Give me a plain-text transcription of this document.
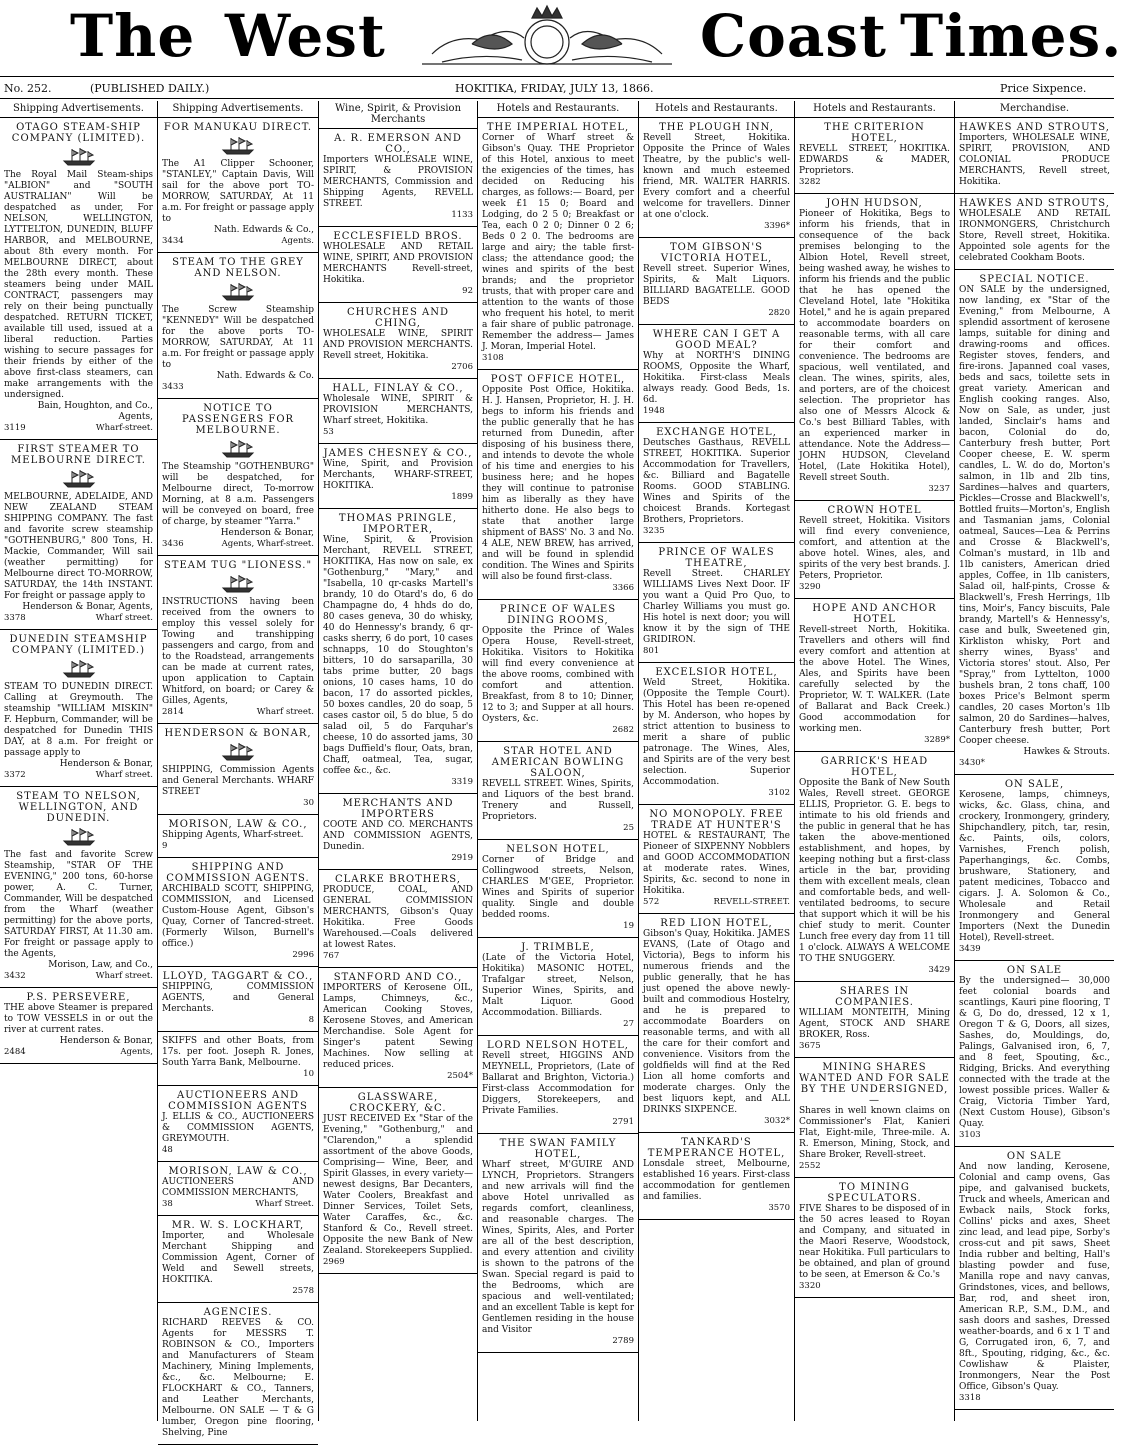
The West	Coast Times.
No. 252.	(PUBLISHED DAILY.)	HOKITIKA, FRIDAY, JULY 13, 1866.	Price Sixpence.
Shipping Advertisements.
OTAGO STEAM-SHIP COMPANY (LIMITED).
The Royal Mail Steam-ships "ALBION" and "SOUTH AUSTRALIAN" Will be despatched as under, For NELSON, WELLINGTON, LYTTELTON, DUNEDIN, BLUFF HARBOR, and MELBOURNE, about 8th every month. For MELBOURNE DIRECT, about the 28th every month. These steamers being under MAIL CONTRACT, passengers may rely on their being punctually despatched. RETURN TICKET, available till used, issued at a liberal reduction. Parties wishing to secure passages for their friends by either of the above first-class steamers, can make arrangements with the undersigned.
Bain, Houghton, and Co., Agents,
3119	Wharf-street.
FIRST STEAMER TO MELBOURNE DIRECT.
MELBOURNE, ADELAIDE, AND NEW ZEALAND STEAM SHIPPING COMPANY. The fast and favorite screw steamship "GOTHENBURG," 800 Tons, H. Mackie, Commander, Will sail (weather permitting) for Melbourne direct TO-MORROW, SATURDAY, the 14th INSTANT. For freight or passage apply to
Henderson & Bonar, Agents,
3378	Wharf street.
DUNEDIN STEAMSHIP COMPANY (LIMITED.)
STEAM TO DUNEDIN DIRECT. Calling at Greymouth. The steamship "WILLIAM MISKIN" F. Hepburn, Commander, will be despatched for Dunedin THIS DAY, at 8 a.m. For freight or passage apply to
Henderson & Bonar,
3372	Wharf street.
STEAM TO NELSON, WELLINGTON, AND DUNEDIN.
The fast and favorite Screw Steamship, "STAR OF THE EVENING," 200 tons, 60-horse power, A. C. Turner, Commander, Will be despatched from the Wharf (weather permitting) for the above ports, SATURDAY FIRST, At 11.30 am. For freight or passage apply to the Agents,
Morison, Law, and Co.,
3432	Wharf street.
P.S. PERSEVERE,
THE above Steamer is prepared to TOW VESSELS in or out the river at current rates.
Henderson & Bonar,
2484	Agents,
Shipping Advertisements.
FOR MANUKAU DIRECT.
The A1 Clipper Schooner, "STANLEY," Captain Davis, Will sail for the above port TO-MORROW, SATURDAY, At 11 a.m. For freight or passage apply to
Nath. Edwards & Co.,
3434	Agents.
STEAM TO THE GREY AND NELSON.
The Screw Steamship "KENNEDY" Will be despatched for the above ports TO-MORROW, SATURDAY, At 11 a.m. For freight or passage apply to
Nath. Edwards & Co.
3433
NOTICE TO PASSENGERS FOR MELBOURNE.
The Steamship "GOTHENBURG" will be despatched, for Melbourne direct, To-morrow Morning, at 8 a.m. Passengers will be conveyed on board, free of charge, by steamer "Yarra."
Henderson & Bonar,
3436	Agents, Wharf-street.
STEAM TUG "LIONESS."
INSTRUCTIONS having been received from the owners to employ this vessel solely for Towing and transhipping passengers and cargo, from and to the Roadstead, arrangements can be made at current rates, upon application to Captain Whitford, on board; or Carey & Gilles, Agents,
2814	Wharf street.
HENDERSON & BONAR,
SHIPPING, Commission Agents and General Merchants. WHARF STREET
30
MORISON, LAW & CO.,
Shipping Agents, Wharf-street.
9
SHIPPING AND COMMISSION AGENTS.
ARCHIBALD SCOTT, SHIPPING, COMMISSION, and Licensed Custom-House Agent, Gibson's Quay, Corner of Tancred-street. (Formerly Wilson, Burnell's office.)
2996
LLOYD, TAGGART & CO.,
SHIPPING, COMMISSION AGENTS, and General Merchants.
8
SKIFFS and other Boats, from 17s. per foot. Joseph R. Jones, South Yarra Bank, Melbourne.
10
AUCTIONEERS AND COMMISSION AGENTS
J. ELLIS & CO., AUCTIONEERS & COMMISSION AGENTS, GREYMOUTH.
48
MORISON, LAW & CO.,
AUCTIONEERS AND COMMISSION MERCHANTS,
38	Wharf Street.
MR. W. S. LOCKHART,
Importer, and Wholesale Merchant Shipping and Commission Agent, Corner of Weld and Sewell streets, HOKITIKA.
2578
AGENCIES.
RICHARD REEVES & CO. Agents for MESSRS T. ROBINSON & CO., Importers and Manufacturers of Steam Machinery, Mining Implements, &c., &c. Melbourne; E. FLOCKHART & CO., Tanners, and Leather Merchants, Melbourne. ON SALE — T & G lumber, Oregon pine flooring, Shelving, Pine
Wine, Spirit, & Provision Merchants
A. R. EMERSON AND CO.,
Importers WHOLESALE WINE, SPIRIT, & PROVISION MERCHANTS, Commission and Shipping Agents, REVELL STREET.
1133
ECCLESFIELD BROS.
WHOLESALE AND RETAIL WINE, SPIRIT, AND PROVISION MERCHANTS Revell-street, Hokitika.
92
CHURCHES AND CHING,
WHOLESALE WINE, SPIRIT AND PROVISION MERCHANTS. Revell street, Hokitika.
2706
HALL, FINLAY & CO.,
Wholesale WINE, SPIRIT & PROVISION MERCHANTS, Wharf street, Hokitika.
53
JAMES CHESNEY & CO.,
Wine, Spirit, and Provision Merchants, WHARF-STREET, HOKITIKA.
1899
THOMAS PRINGLE, IMPORTER,
Wine, Spirit, & Provision Merchant, REVELL STREET, HOKITIKA, Has now on sale, ex "Gothenburg," "Mary," and "Isabella, 10 qr-casks Martell's brandy, 10 do Otard's do, 6 do Champagne do, 4 hhds do do, 80 cases geneva, 30 do whisky, 40 do Hennessy's brandy, 6 qr-casks sherry, 6 do port, 10 cases schnapps, 10 do Stoughton's bitters, 10 do sarsaparilla, 30 tabs prime butter, 20 bags onions, 10 cases hams, 10 do bacon, 17 do assorted pickles, 50 boxes candles, 20 do soap, 5 cases castor oil, 5 do blue, 5 do salad oil, 5 do Farquhar's cheese, 10 do assorted jams, 30 bags Duffield's flour, Oats, bran, Chaff, oatmeal, Tea, sugar, coffee &c., &c.
3319
MERCHANTS AND IMPORTERS
COOTE AND CO. MERCHANTS AND COMMISSION AGENTS, Dunedin.
2919
CLARKE BROTHERS,
PRODUCE, COAL, AND GENERAL COMMISSION MERCHANTS, Gibson's Quay Hokitika. Free Goods Warehoused.—Coals delivered at lowest Rates.
767
STANFORD AND CO.,
IMPORTERS of Kerosene OIL, Lamps, Chimneys, &c., American Cooking Stoves, Kerosene Stoves, and American Merchandise. Sole Agent for Singer's patent Sewing Machines. Now selling at reduced prices.
2504*
GLASSWARE, CROCKERY, &C.
JUST RECEIVED Ex "Star of the Evening," "Gothenburg," and "Clarendon," a splendid assortment of the above Goods, Comprising— Wine, Beer, and Spirit Glasses, in every variety—newest designs, Bar Decanters, Water Coolers, Breakfast and Dinner Services, Toilet Sets, Water Caraffes, &c., &c. Stanford & Co., Revell street. Opposite the new Bank of New Zealand. Storekeepers Supplied.
2969
Hotels and Restaurants.
THE IMPERIAL HOTEL,
Corner of Wharf street & Gibson's Quay. THE Proprietor of this Hotel, anxious to meet the exigencies of the times, has decided on Reducing his charges, as follows:— Board, per week £1 15 0; Board and Lodging, do 2 5 0; Breakfast or Tea, each 0 2 0; Dinner 0 2 6; Beds 0 2 0. The bedrooms are large and airy; the table first-class; the attendance good; the wines and spirits of the best brands; and the proprietor trusts, that with proper care and attention to the wants of those who frequent his hotel, to merit a fair share of public patronage. Remember the address— James J. Moran, Imperial Hotel.
3108
POST OFFICE HOTEL,
Opposite Post Office, Hokitika. H. J. Hansen, Proprietor, H. J. H. begs to inform his friends and the public generally that he has returned from Dunedin, after disposing of his business there, and intends to devote the whole of his time and energies to his business here; and he hopes they will continue to patronise him as liberally as they have hitherto done. He also begs to state that another large shipment of BASS' No. 3 and No. 4 ALE, NEW BREW, has arrived, and will be found in splendid condition. The Wines and Spirits will also be found first-class.
3366
PRINCE OF WALES DINING ROOMS,
Opposite the Prince of Wales Opera House, Revell-street, Hokitika. Visitors to Hokitika will find every convenience at the above rooms, combined with comfort and attention. Breakfast, from 8 to 10; Dinner, 12 to 3; and Supper at all hours. Oysters, &c.
2682
STAR HOTEL AND AMERICAN BOWLING SALOON,
REVELL STREET. Wines, Spirits, and Liquors of the best brand. Trenery and Russell, Proprietors.
25
NELSON HOTEL,
Corner of Bridge and Collingwood streets, Nelson, CHARLES M'GEE, Proprietor. Wines and Spirits of superior quality. Single and double bedded rooms.
19
J. TRIMBLE,
(Late of the Victoria Hotel, Hokitika) MASONIC HOTEL, Trafalgar street, Nelson, Superior Wines, Spirits, and Malt Liquor. Good Accommodation. Billiards.
27
LORD NELSON HOTEL,
Revell street, HIGGINS AND MEYNELL, Proprietors, (Late of Ballarat and Brighton, Victoria.) First-class Accommodation for Diggers, Storekeepers, and Private Families.
2791
THE SWAN FAMILY HOTEL,
Wharf street, M'GUIRE AND LYNCH, Proprietors. Strangers and new arrivals will find the above Hotel unrivalled as regards comfort, cleanliness, and reasonable charges. The Wines, Spirits, Ales, and Porter are all of the best description, and every attention and civility is shown to the patrons of the Swan. Special regard is paid to the Bedrooms, which are spacious and well-ventilated; and an excellent Table is kept for Gentlemen residing in the house and Visitor
2789
Hotels and Restaurants.
THE PLOUGH INN,
Revell Street, Hokitika. Opposite the Prince of Wales Theatre, by the public's well-known and much esteemed friend, MR. WALTER HARRIS. Every comfort and a cheerful welcome for travellers. Dinner at one o'clock.
3396*
TOM GIBSON'S VICTORIA HOTEL,
Revell street. Superior Wines, Spirits, & Malt Liquors. BILLIARD BAGATELLE. GOOD BEDS
2820
WHERE CAN I GET A GOOD MEAL?
Why at NORTH'S DINING ROOMS, Opposite the Wharf, Hokitika. First-class Meals always ready. Good Beds, 1s. 6d.
1948
EXCHANGE HOTEL,
Deutsches Gasthaus, REVELL STREET, HOKITIKA. Superior Accommodation for Travellers, &c. Billiard and Bagatelle Rooms. GOOD STABLING. Wines and Spirits of the choicest Brands. Kortegast Brothers, Proprietors.
3235
PRINCE OF WALES THEATRE,
Revell Street. CHARLEY WILLIAMS Lives Next Door. IF you want a Quid Pro Quo, to Charley Williams you must go. His hotel is next door; you will know it by the sign of THE GRIDIRON.
801
EXCELSIOR HOTEL,
Weld Street, Hokitika. (Opposite the Temple Court). This Hotel has been re-opened by M. Anderson, who hopes by strict attention to business to merit a share of public patronage. The Wines, Ales, and Spirits are of the very best selection. Superior Accommodation.
3102
NO MONOPOLY. FREE TRADE AT HUNTER'S
HOTEL & RESTAURANT, The Pioneer of SIXPENNY Nobblers and GOOD ACCOMMODATION at moderate rates. Wines, Spirits, &c. second to none in Hokitika.
572	REVELL-STREET.
RED LION HOTEL,
Gibson's Quay, Hokitika. JAMES EVANS, (Late of Otago and Victoria), Begs to inform his numerous friends and the public generally, that he has just opened the above newly-built and commodious Hostelry, and he is prepared to accommodate Boarders on reasonable terms, and with all the care for their comfort and convenience. Visitors from the goldfields will find at the Red Lion all home comforts and moderate charges. Only the best liquors kept, and ALL DRINKS SIXPENCE.
3032*
TANKARD'S TEMPERANCE HOTEL,
Lonsdale street, Melbourne, established 16 years. First-class accommodation for gentlemen and families.
3570
Hotels and Restaurants.
THE CRITERION HOTEL,
REVELL STREET, HOKITIKA. EDWARDS & MADER, Proprietors.
3282
JOHN HUDSON,
Pioneer of Hokitika, Begs to inform his friends, that in consequence of the back premises belonging to the Albion Hotel, Revell street, being washed away, he wishes to inform his friends and the public that he has opened the Cleveland Hotel, late "Hokitika Hotel," and he is again prepared to accommodate boarders on reasonable terms, with all care for their comfort and convenience. The bedrooms are spacious, well ventilated, and clean. The wines, spirits, ales, and porters, are of the choicest selection. The proprietor has also one of Messrs Alcock & Co.'s best Billiard Tables, with an experienced marker in attendance. Note the Address— JOHN HUDSON, Cleveland Hotel, (Late Hokitika Hotel), Revell street South.
3237
CROWN HOTEL
Revell street, Hokitika. Visitors will find every convenience, comfort, and attention at the above hotel. Wines, ales, and spirits of the very best brands. J. Peters, Proprietor.
3290
HOPE AND ANCHOR HOTEL
Revell-street North, Hokitika. Travellers and others will find every comfort and attention at the above Hotel. The Wines, Ales, and Spirits have been carefully selected by the Proprietor, W. T. WALKER. (Late of Ballarat and Back Creek.) Good accommodation for working men.
3289*
GARRICK'S HEAD HOTEL,
Opposite the Bank of New South Wales, Revell street. GEORGE ELLIS, Proprietor. G. E. begs to intimate to his old friends and the public in general that he has taken the above-mentioned establishment, and hopes, by keeping nothing but a first-class article in the bar, providing them with excellent meals, clean and comfortable beds, and well-ventilated bedrooms, to secure that support which it will be his chief study to merit. Counter Lunch free every day from 11 till 1 o'clock. ALWAYS A WELCOME TO THE SNUGGERY.
3429
SHARES IN COMPANIES.
WILLIAM MONTEITH, Mining Agent, STOCK AND SHARE BROKER, Ross.
3675
MINING SHARES WANTED AND FOR SALE BY THE UNDERSIGNED,—
Shares in well known claims on Commissioner's Flat, Kanieri Flat, Eight-mile, Three-mile. A. R. Emerson, Mining, Stock, and Share Broker, Revell-street.
2552
TO MINING SPECULATORS.
FIVE Shares to be disposed of in the 50 acres leased to Royan and Company, and situated in the Maori Reserve, Woodstock, near Hokitika. Full particulars to be obtained, and plan of ground to be seen, at Emerson & Co.'s
3320
Merchandise.
HAWKES AND STROUTS,
Importers, WHOLESALE WINE, SPIRIT, PROVISION, AND COLONIAL PRODUCE MERCHANTS, Revell street, Hokitika.
HAWKES AND STROUTS,
WHOLESALE AND RETAIL IRONMONGERS, Christchurch Store, Revell street, Hokitika. Appointed sole agents for the celebrated Cookham Boots.
SPECIAL NOTICE.
ON SALE by the undersigned, now landing, ex "Star of the Evening," from Melbourne, A splendid assortment of kerosene lamps, suitable for dining and drawing-rooms and offices. Register stoves, fenders, and fire-irons. Japanned coal vases, beds and sacs, toilette sets in great variety. American and English cooking ranges. Also, Now on Sale, as under, just landed, Sinclair's hams and bacon, Colonial do do, Canterbury fresh butter, Port Cooper cheese, E. W. sperm candles, L. W. do do, Morton's salmon, in 1lb and 2lb tins, Sardines—halves and quarters, Pickles—Crosse and Blackwell's, Bottled fruits—Morton's, English and Tasmanian jams, Colonial oatmeal, Sauces—Lea & Perrins and Crosse & Blackwell's, Colman's mustard, in 1lb and 1lb canisters, American dried apples, Coffee, in 1lb canisters, Salad oil, half-pints, Crosse & Blackwell's, Fresh Herrings, 1lb tins, Moir's, Fancy biscuits, Pale brandy, Martell's & Hennessy's, case and bulk, Sweetened gin, Kirkliston whisky, Port and sherry wines, Byass' and Victoria stores' stout. Also, Per "Spray," from Lyttelton, 1000 bushels bran, 2 tons chaff, 100 boxes Price's Belmont sperm candles, 20 cases Morton's 1lb salmon, 20 do Sardines—halves, Canterbury fresh butter, Port Cooper cheese.
Hawkes & Strouts.
3430*
ON SALE,
Kerosene, lamps, chimneys, wicks, &c. Glass, china, and crockery, Ironmongery, grindery, Shipchandlery, pitch, tar, resin, &c. Paints, oils, colors, Varnishes, French polish, Paperhangings, &c. Combs, brushware, Stationery, and patent medicines, Tobacco and cigars. J. A. Solomon & Co., Wholesale and Retail Ironmongery and General Importers (Next the Dunedin Hotel), Revell-street.
3439
ON SALE
By the undersigned— 30,000 feet colonial boards and scantlings, Kauri pine flooring, T & G, Do do, dressed, 12 x 1, Oregon T & G, Doors, all sizes, Sashes, do, Mouldings, do, Palings, Galvanised iron, 6, 7, and 8 feet, Spouting, &c., Ridging, Bricks. And everything connected with the trade at the lowest possible prices. Waller & Craig, Victoria Timber Yard, (Next Custom House), Gibson's Quay.
3103
ON SALE
And now landing, Kerosene, Colonial and camp ovens, Gas pipe, and galvanised buckets, Truck and wheels, American and Ewback nails, Stock forks, Collins' picks and axes, Sheet zinc lead, and lead pipe, Sorby's cross-cut and pit saws, Sheet India rubber and belting, Hall's blasting powder and fuse, Manilla rope and navy canvas, Grindstones, vices, and bellows, Bar, rod, and sheet iron, American R.P., S.M., D.M., and sash doors and sashes, Dressed weather-boards, and 6 x 1 T and G, Corrugated iron, 6, 7, and 8ft., Spouting, ridging, &c., &c. Cowlishaw & Plaister, Ironmongers, Near the Post Office, Gibson's Quay.
3318
